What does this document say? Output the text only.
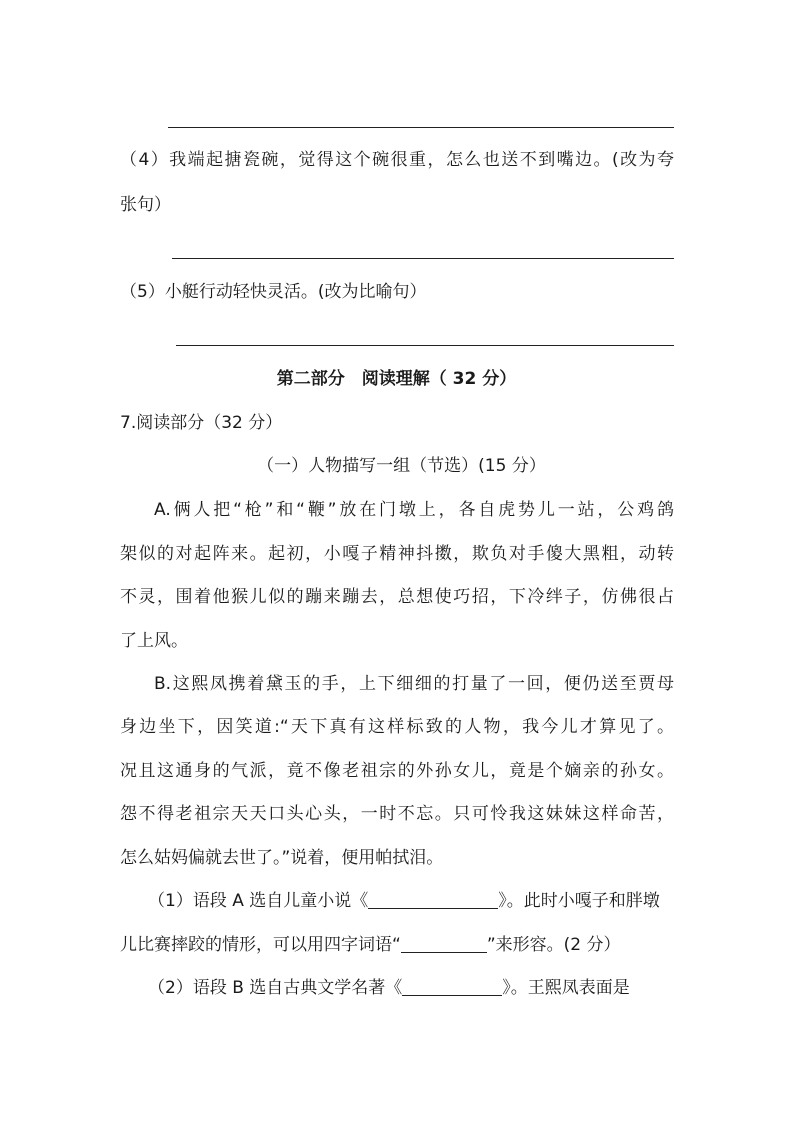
（4）我端起搪瓷碗，觉得这个碗很重，怎么也送不到嘴边。(改为夸
张句）
（5）小艇行动轻快灵活。(改为比喻句）
第二部分　阅读理解（ 32 分）
7.阅读部分（32 分）
（一）人物描写一组（节选）(15 分）
A.俩人把“枪”和“鞭”放在门墩上，各自虎势儿一站，公鸡鸽
架似的对起阵来。起初，小嘎子精神抖擞，欺负对手傻大黑粗，动转
不灵，围着他猴儿似的蹦来蹦去，总想使巧招，下冷绊子，仿佛很占
了上风。
B.这熙凤携着黛玉的手，上下细细的打量了一回，便仍送至贾母
身边坐下，因笑道:“天下真有这样标致的人物，我今儿才算见了。
况且这通身的气派，竟不像老祖宗的外孙女儿，竟是个嫡亲的孙女。
怨不得老祖宗天天口头心头，一时不忘。只可怜我这妹妹这样命苦，
怎么姑妈偏就去世了。”说着，便用帕拭泪。
（1）语段 A 选自儿童小说《	》。此时小嘎子和胖墩
儿比赛摔跤的情形，可以用四字词语“	”来形容。(2 分）
（2）语段 B 选自古典文学名著《	》。王熙凤表面是
